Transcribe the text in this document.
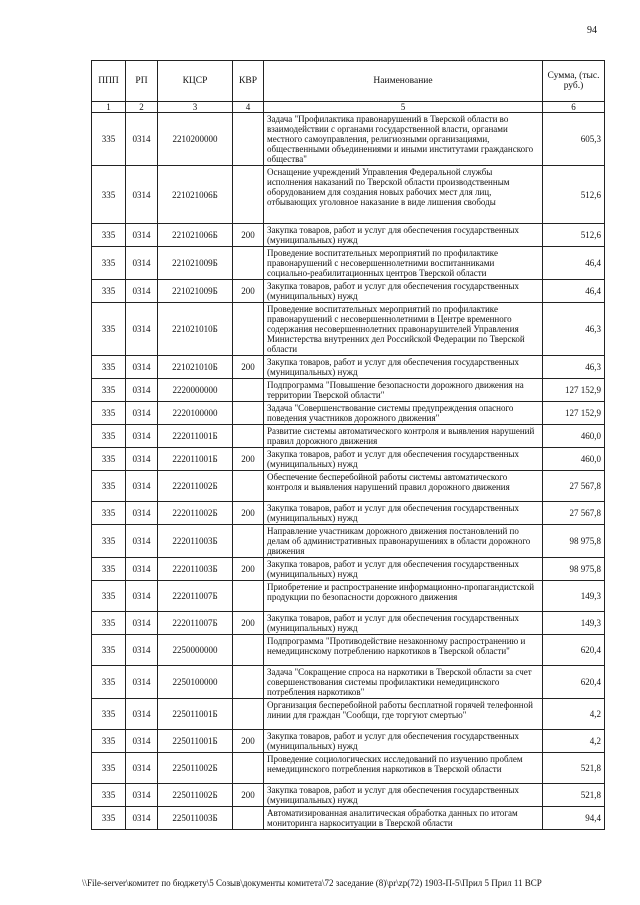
94
ППП	РП	КЦСР	КВР	Наименование	Сумма, (тыс. руб.)
1	2	3	4	5	6
335	0314	2210200000		Задача "Профилактика правонарушений в Тверской области во взаимодействии с органами государственной власти, органами местного самоуправления, религиозными организациями, общественными объединениями и иными институтами гражданского общества"	605,3
335	0314	221021006Б		Оснащение учреждений Управления Федеральной службы исполнения наказаний по Тверской области производственным оборудованием для создания новых рабочих мест для лиц, отбывающих уголовное наказание в виде лишения свободы	512,6
335	0314	221021006Б	200	Закупка товаров, работ и услуг для обеспечения государственных (муниципальных) нужд	512,6
335	0314	221021009Б		Проведение воспитательных мероприятий по профилактике правонарушений с несовершеннолетними воспитанниками социально-реабилитационных центров Тверской области	46,4
335	0314	221021009Б	200	Закупка товаров, работ и услуг для обеспечения государственных (муниципальных) нужд	46,4
335	0314	221021010Б		Проведение воспитательных мероприятий по профилактике правонарушений с несовершеннолетними в Центре временного содержания несовершеннолетних правонарушителей Управления Министерства внутренних дел Российской Федерации по Тверской области	46,3
335	0314	221021010Б	200	Закупка товаров, работ и услуг для обеспечения государственных (муниципальных) нужд	46,3
335	0314	2220000000		Подпрограмма "Повышение безопасности дорожного движения на территории Тверской области"	127 152,9
335	0314	2220100000		Задача "Совершенствование системы предупреждения опасного поведения участников дорожного движения"	127 152,9
335	0314	222011001Б		Развитие системы автоматического контроля и выявления нарушений правил дорожного движения	460,0
335	0314	222011001Б	200	Закупка товаров, работ и услуг для обеспечения государственных (муниципальных) нужд	460,0
335	0314	222011002Б		Обеспечение бесперебойной работы системы автоматического контроля и выявления нарушений правил дорожного движения	27 567,8
335	0314	222011002Б	200	Закупка товаров, работ и услуг для обеспечения государственных (муниципальных) нужд	27 567,8
335	0314	222011003Б		Направление участникам дорожного движения постановлений по делам об административных правонарушениях в области дорожного движения	98 975,8
335	0314	222011003Б	200	Закупка товаров, работ и услуг для обеспечения государственных (муниципальных) нужд	98 975,8
335	0314	222011007Б		Приобретение и распространение информационно-пропагандистской продукции по безопасности дорожного движения	149,3
335	0314	222011007Б	200	Закупка товаров, работ и услуг для обеспечения государственных (муниципальных) нужд	149,3
335	0314	2250000000		Подпрограмма "Противодействие незаконному распространению и немедицинскому потреблению наркотиков в Тверской области"	620,4
335	0314	2250100000		Задача "Сокращение спроса на наркотики в Тверской области за счет совершенствования системы профилактики немедицинского потребления наркотиков"	620,4
335	0314	225011001Б		Организация бесперебойной работы бесплатной горячей телефонной линии для граждан "Сообщи, где торгуют смертью"	4,2
335	0314	225011001Б	200	Закупка товаров, работ и услуг для обеспечения государственных (муниципальных) нужд	4,2
335	0314	225011002Б		Проведение социологических исследований по изучению проблем немедицинского потребления наркотиков в Тверской области	521,8
335	0314	225011002Б	200	Закупка товаров, работ и услуг для обеспечения государственных (муниципальных) нужд	521,8
335	0314	225011003Б		Автоматизированная аналитическая обработка данных по итогам мониторинга наркоситуации в Тверской области	94,4
\\File-server\комитет по бюджету\5 Созыв\документы комитета\72 заседание (8)\pr\zp(72) 1903-П-5\Прил 5 Прил 11 ВСР
